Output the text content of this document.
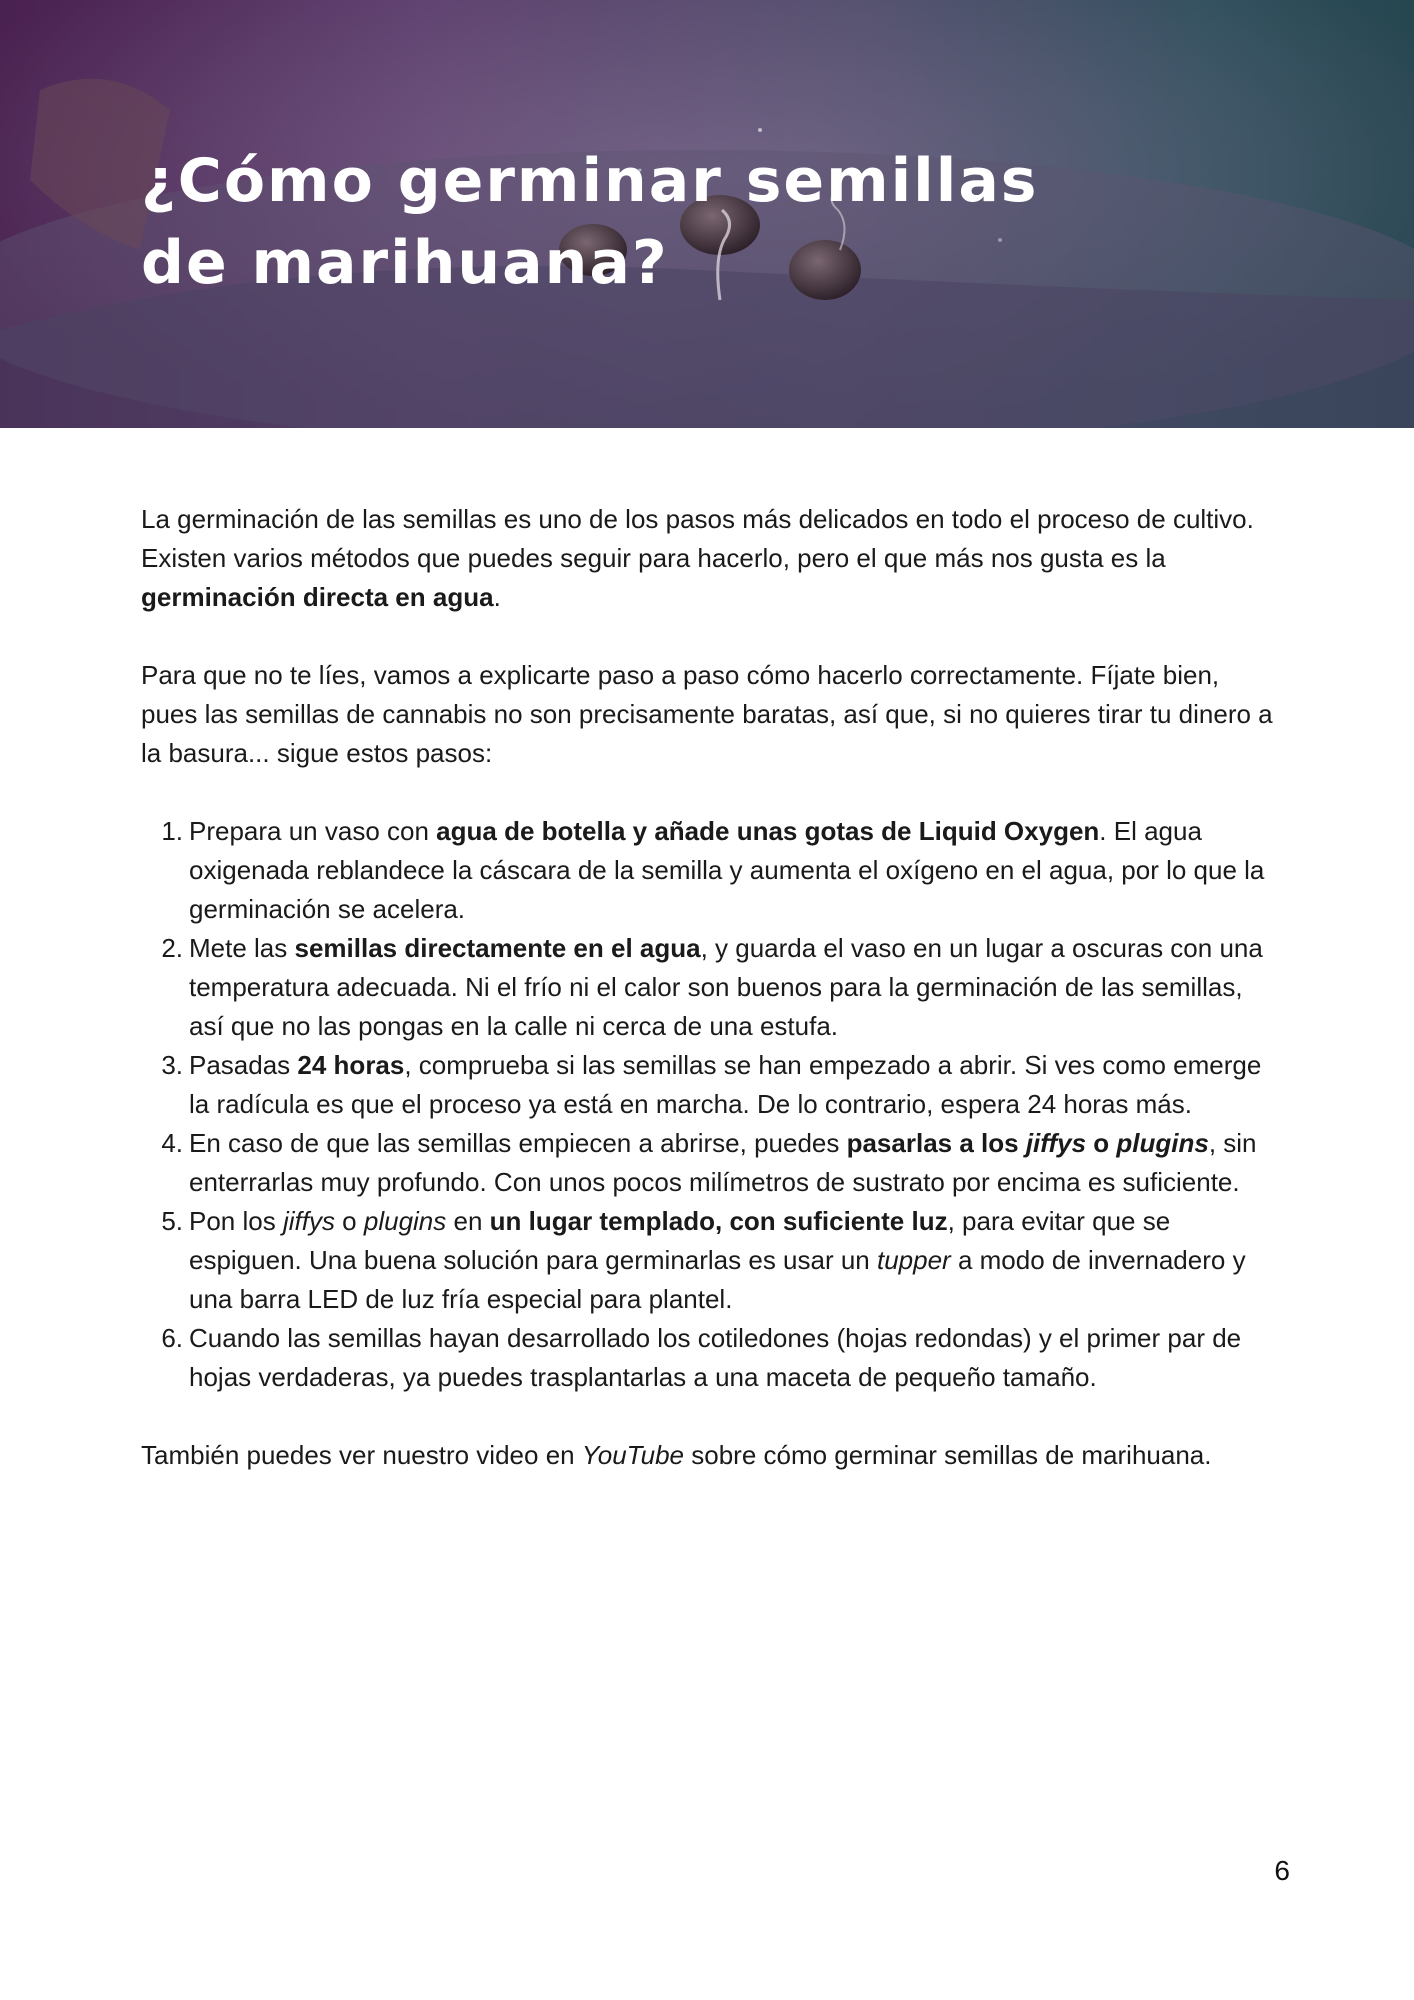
¿Cómo germinar semillas de marihuana?

La germinación de las semillas es uno de los pasos más delicados en todo el proceso de cultivo. Existen varios métodos que puedes seguir para hacerlo, pero el que más nos gusta es la germinación directa en agua.

Para que no te líes, vamos a explicarte paso a paso cómo hacerlo correctamente. Fíjate bien, pues las semillas de cannabis no son precisamente baratas, así que, si no quieres tirar tu dinero a la basura... sigue estos pasos:

1. Prepara un vaso con agua de botella y añade unas gotas de Liquid Oxygen. El agua oxigenada reblandece la cáscara de la semilla y aumenta el oxígeno en el agua, por lo que la germinación se acelera.
2. Mete las semillas directamente en el agua, y guarda el vaso en un lugar a oscuras con una temperatura adecuada. Ni el frío ni el calor son buenos para la germinación de las semillas, así que no las pongas en la calle ni cerca de una estufa.
3. Pasadas 24 horas, comprueba si las semillas se han empezado a abrir. Si ves como emerge la radícula es que el proceso ya está en marcha. De lo contrario, espera 24 horas más.
4. En caso de que las semillas empiecen a abrirse, puedes pasarlas a los jiffys o plugins, sin enterrarlas muy profundo. Con unos pocos milímetros de sustrato por encima es suficiente.
5. Pon los jiffys o plugins en un lugar templado, con suficiente luz, para evitar que se espiguen. Una buena solución para germinarlas es usar un tupper a modo de invernadero y una barra LED de luz fría especial para plantel.
6. Cuando las semillas hayan desarrollado los cotiledones (hojas redondas) y el primer par de hojas verdaderas, ya puedes trasplantarlas a una maceta de pequeño tamaño.

También puedes ver nuestro video en YouTube sobre cómo germinar semillas de marihuana.

6
